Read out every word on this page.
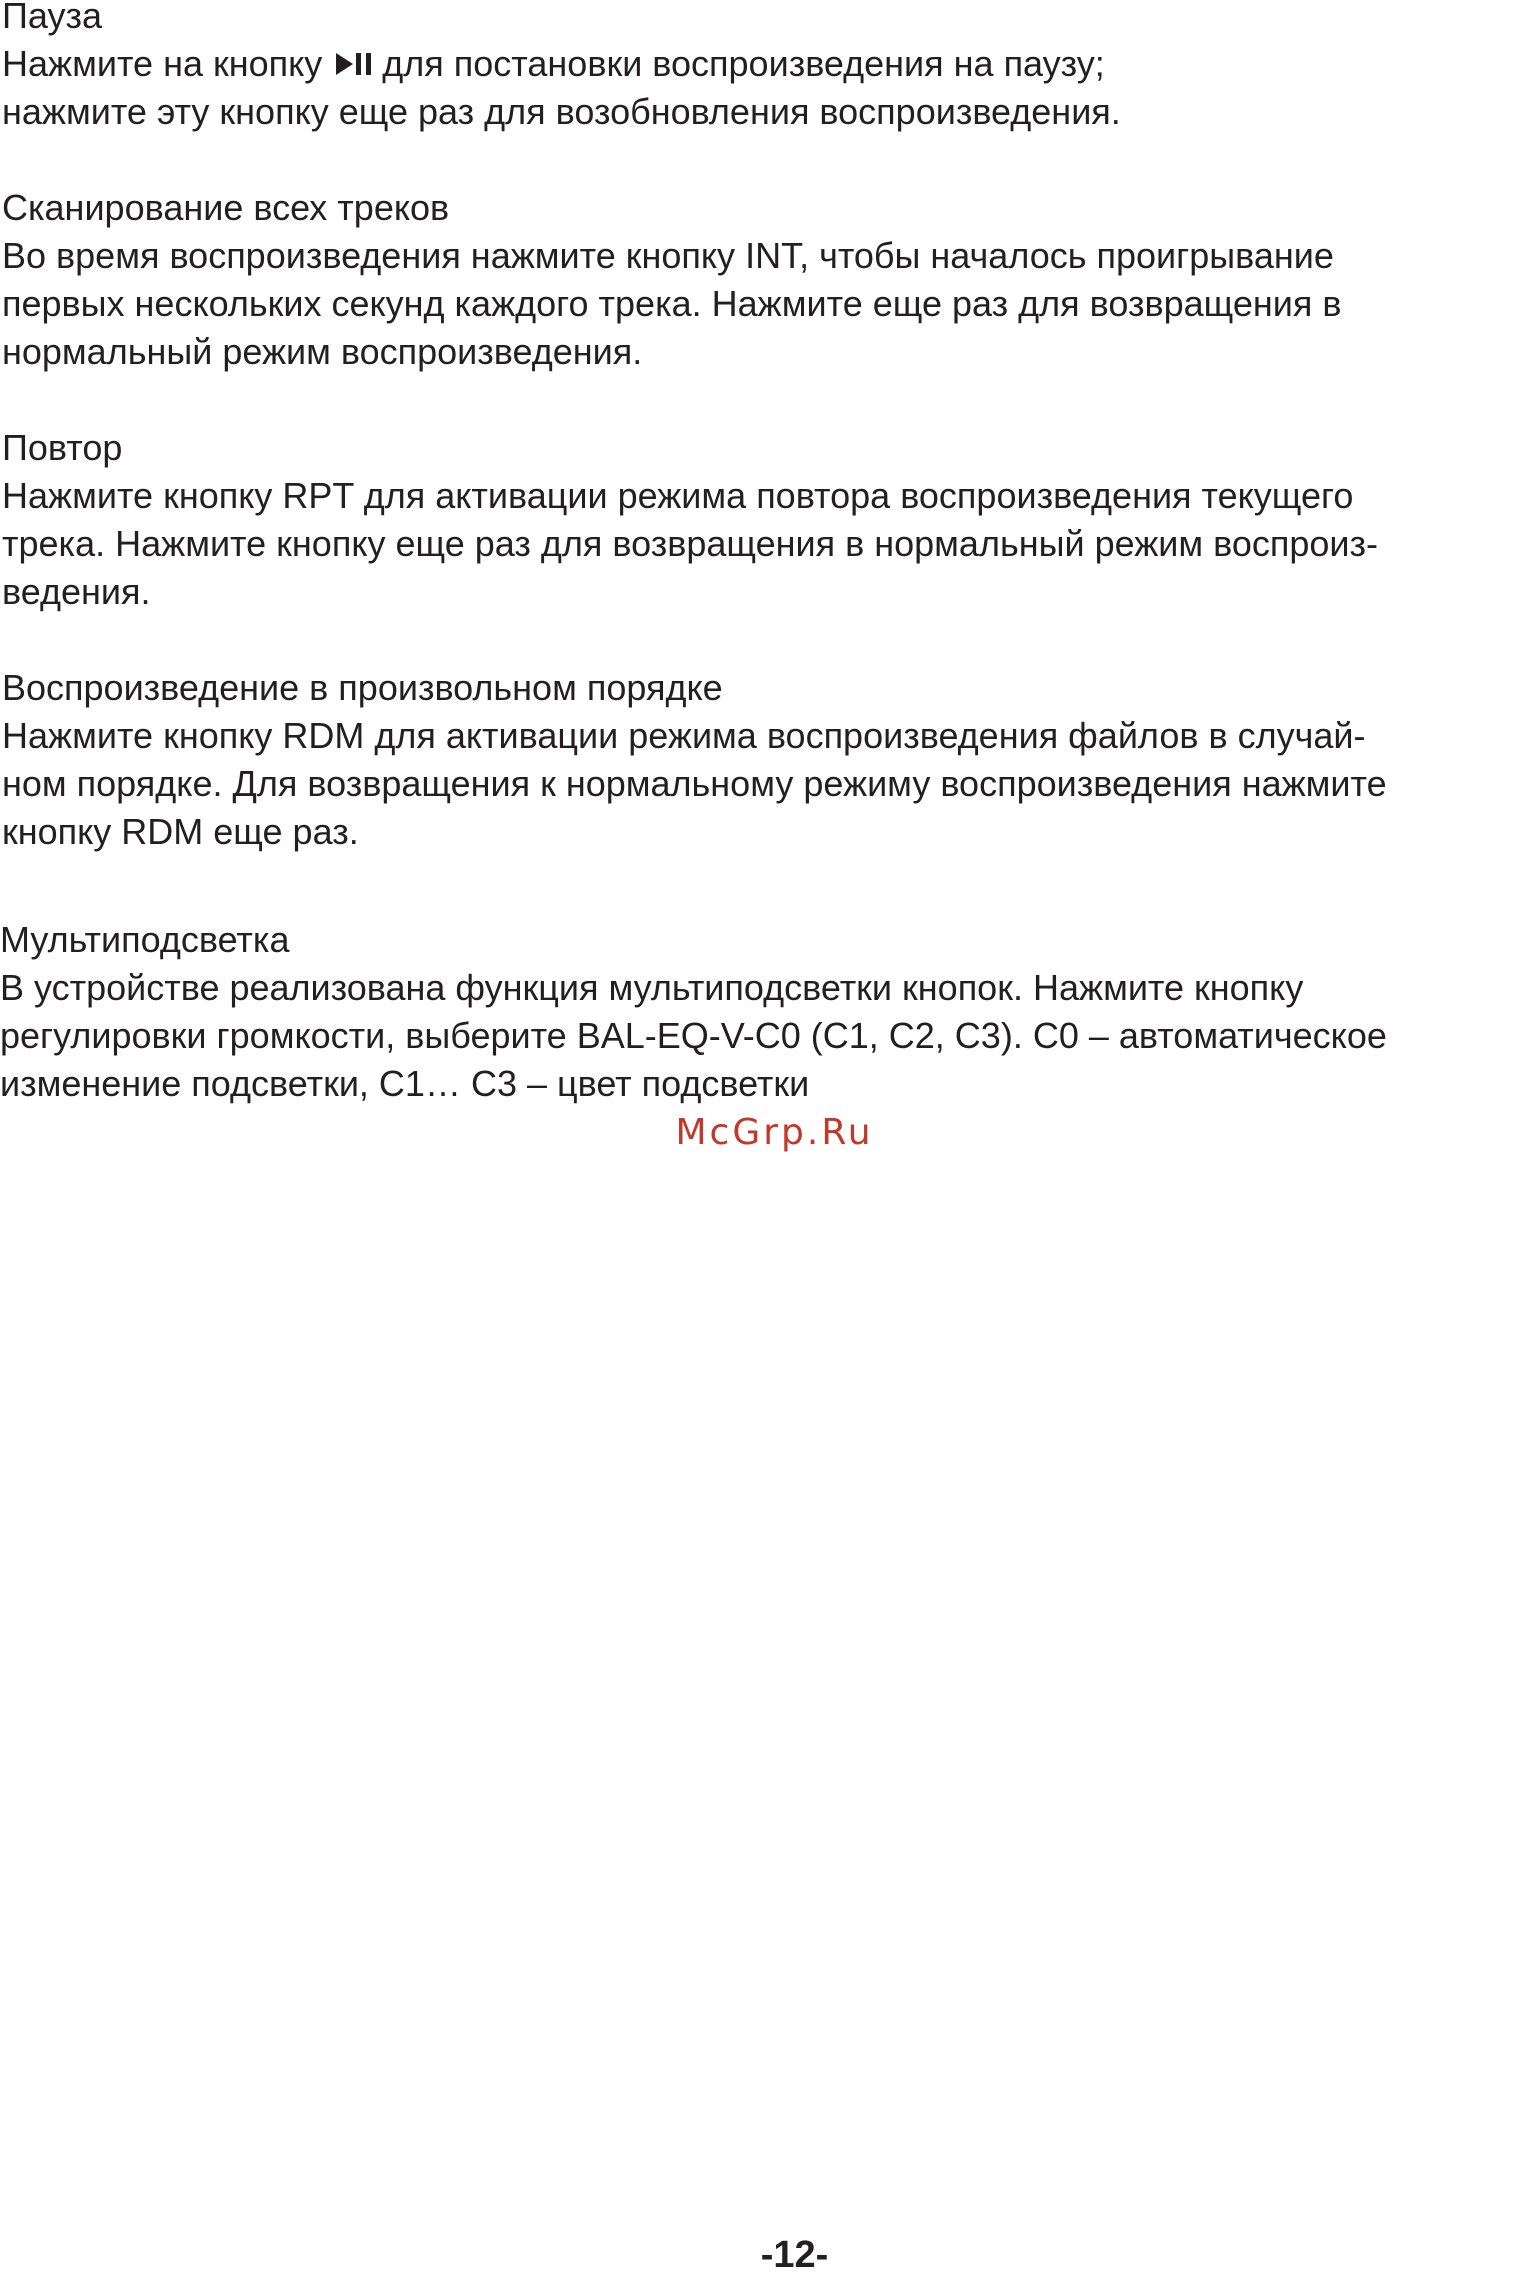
Пауза

Нажмите на кнопку для постановки воспроизведения на паузу;

нажмите эту кнопку еще раз для возобновления воспроизведения.

Сканирование всех треков

Во время воспроизведения нажмите кнопку INT, чтобы началось проигрывание

первых нескольких секунд каждого трека. Нажмите еще раз для возвращения в

нормальный режим воспроизведения.

Повтор

Нажмите кнопку RPT для активации режима повтора воспроизведения текущего

трека. Нажмите кнопку еще раз для возвращения в нормальный режим воспроиз-

ведения.

Воспроизведение в произвольном порядке

Нажмите кнопку RDM для активации режима воспроизведения файлов в случай-

ном порядке. Для возвращения к нормальному режиму воспроизведения нажмите

кнопку RDM еще раз.

Мультиподсветка

В устройстве реализована функция мультиподсветки кнопок. Нажмите кнопку

регулировки громкости, выберите BAL-EQ-V-C0 (C1, C2, C3). C0 – автоматическое

изменение подсветки, C1… C3 – цвет подсветки

McGrp.Ru
-12-
